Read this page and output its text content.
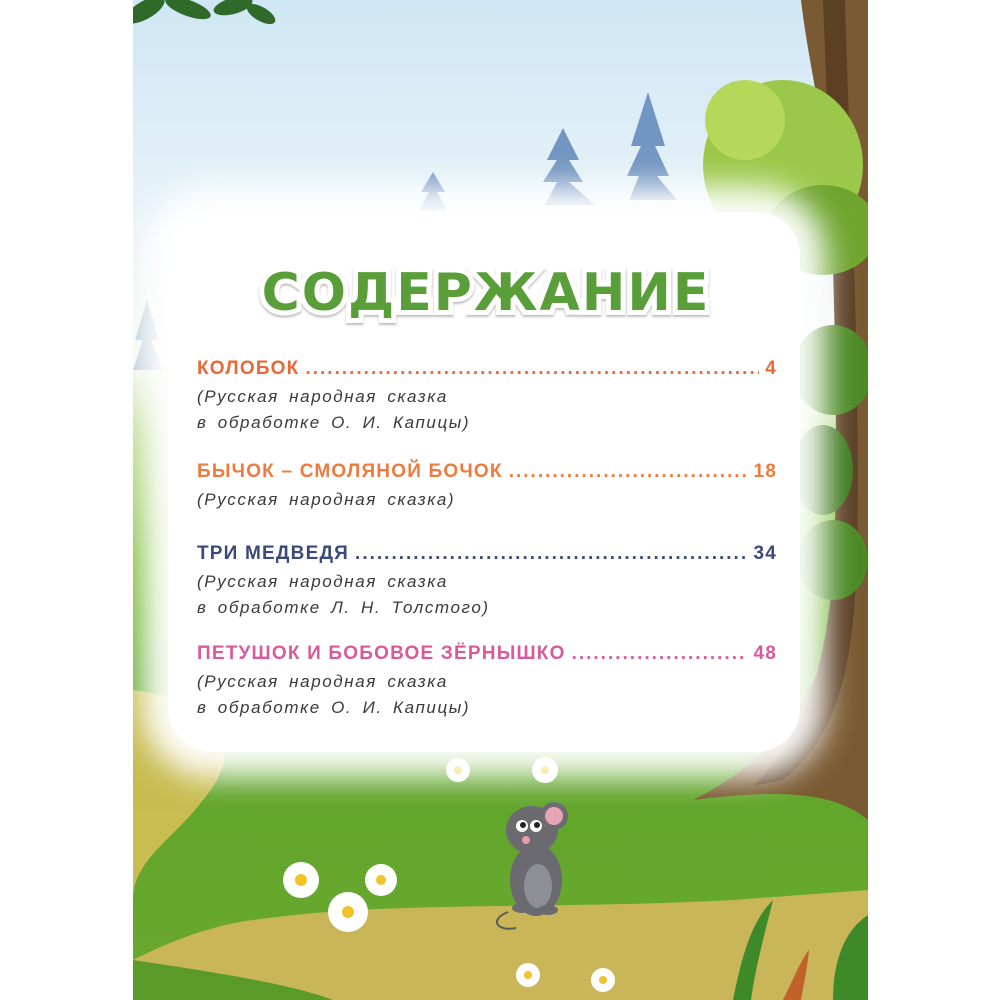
СОДЕРЖАНИЕ
КОЛОБОК .....	4
(Русская народная сказка
в обработке О. И. Капицы)
БЫЧОК – СМОЛЯНОЙ БОЧОК .....	18
(Русская народная сказка)
ТРИ МЕДВЕДЯ .....	34
(Русская народная сказка
в обработке Л. Н. Толстого)
ПЕТУШОК И БОБОВОЕ ЗЁРНЫШКО .....	48
(Русская народная сказка
в обработке О. И. Капицы)
